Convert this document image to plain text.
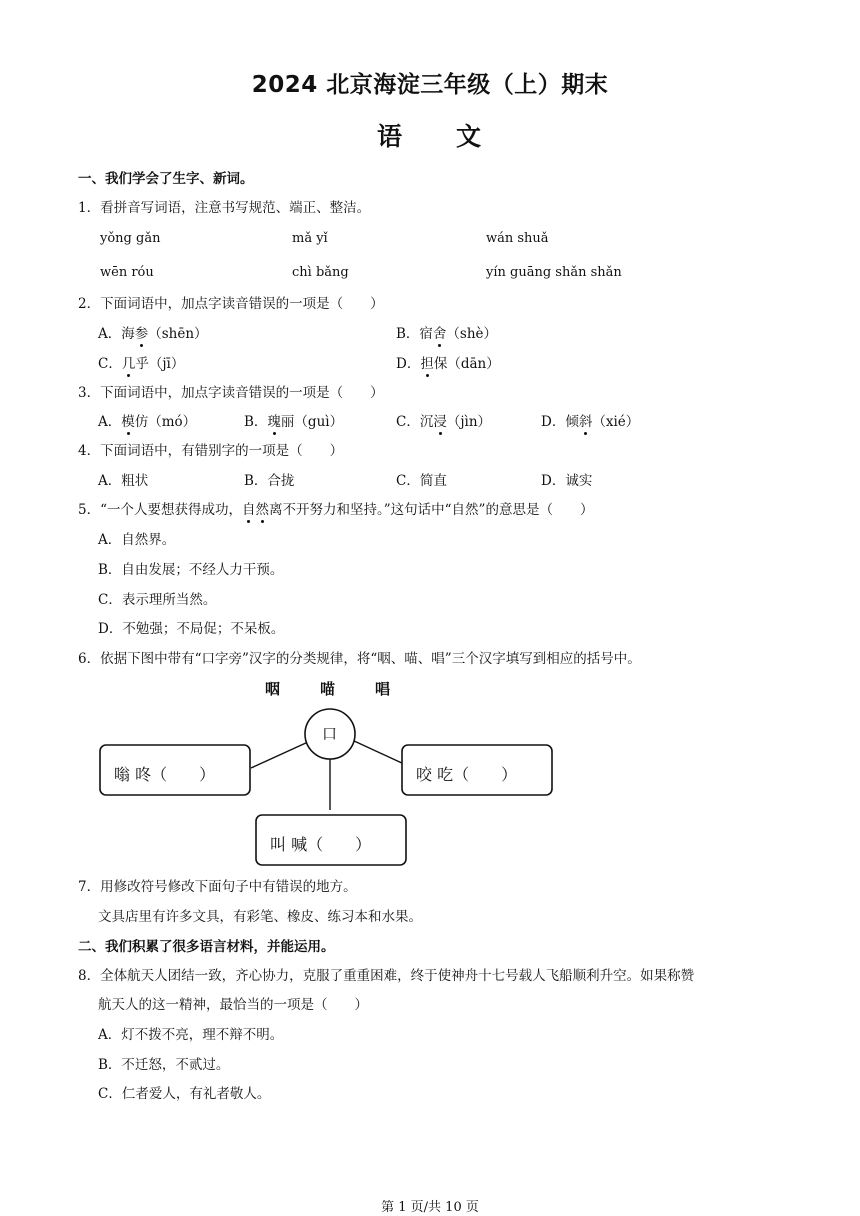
2024 北京海淀三年级（上）期末
语 文
一、我们学会了生字、新词。
1．看拼音写词语，注意书写规范、端正、整洁。
yǒng gǎn	mǎ yǐ	wán shuǎ
wēn róu	chì bǎng	yín guāng shǎn shǎn
2．下面词语中，加点字读音错误的一项是（　　）
A．海参（shēn）	B．宿舍（shè）
C．几乎（jī）	D．担保（dān）
3．下面词语中，加点字读音错误的一项是（　　）
A．模仿（mó）	B．瑰丽（guì）	C．沉浸（jìn）	D．倾斜（xié）
4．下面词语中，有错别字的一项是（　　）
A．粗状	B．合拢	C．简直	D．诚实
5．“一个人要想获得成功，自然离不开努力和坚持。”这句话中“自然”的意思是（　　）
A．自然界。
B．自由发展；不经人力干预。
C．表示理所当然。
D．不勉强；不局促；不呆板。
6．依据下图中带有“口字旁”汉字的分类规律，将“咽、喵、唱”三个汉字填写到相应的括号中。
咽	喵	唱
口
嗡 咚（　　）	咬 吃（　　）
叫 喊（　　）
7．用修改符号修改下面句子中有错误的地方。
文具店里有许多文具，有彩笔、橡皮、练习本和水果。
二、我们积累了很多语言材料，并能运用。
8．全体航天人团结一致，齐心协力，克服了重重困难，终于使神舟十七号载人飞船顺利升空。如果称赞
航天人的这一精神，最恰当的一项是（　　）
A．灯不拨不亮，理不辩不明。
B．不迁怒，不贰过。
C．仁者爱人，有礼者敬人。
第 1 页/共 10 页
